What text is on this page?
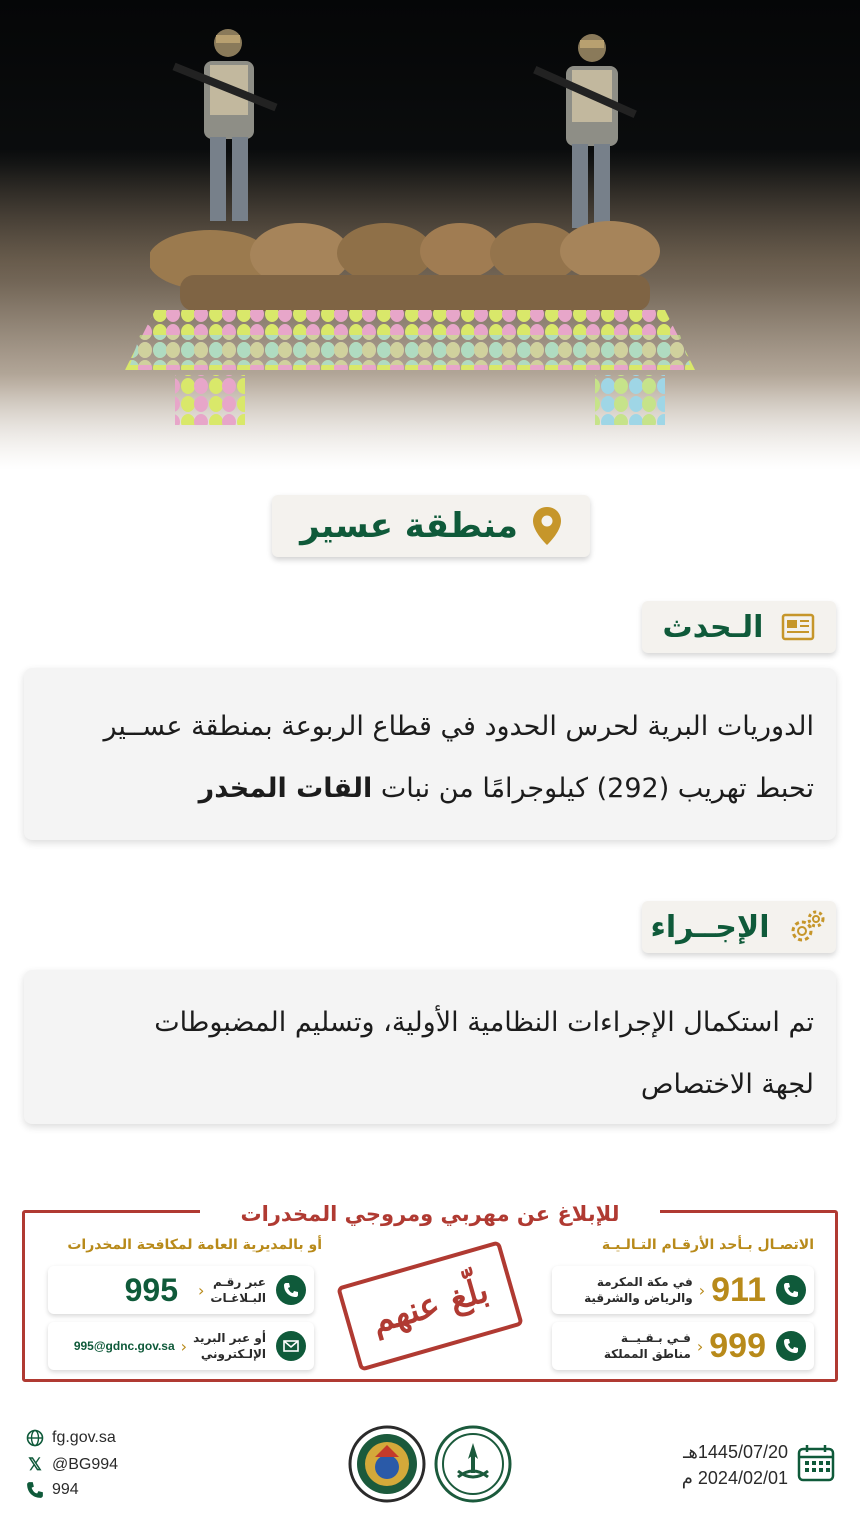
منطقة عسير
الـحدث
الدوريات البرية لحرس الحدود في قطاع الربوعة بمنطقة عســير
تحبط تهريب (292) كيلوجرامًا من نبات القات المخدر
الإجــراء
تم استكمال الإجراءات النظامية الأولية، وتسليم المضبوطات
لجهة الاختصاص
للإبلاغ عن مهربي ومروجي المخدرات
الاتصـال بـأحد الأرقـام التـالـيـة
أو بالمديرية العامة لمكافحة المخدرات
911
‹
في مكة المكرمة
والرياض والشرقية
999
‹
فـي بـقـيــة
مناطق المملكة
عبر رقـم
البـلاغـات
‹
995
أو عبر البريد
الإلـكتروني
‹
995@gdnc.gov.sa
بلّغ عنهم
fg.gov.sa
𝕏 @BG994
994
1445/07/20هـ
2024/02/01 م
